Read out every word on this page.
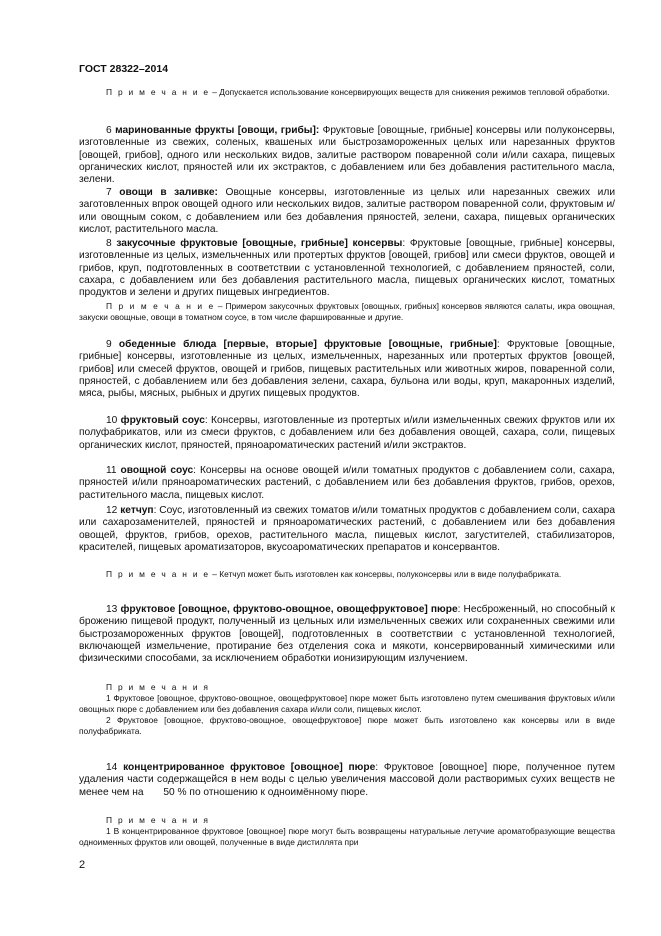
ГОСТ 28322–2014

П р и м е ч а н и е – Допускается использование консервирующих веществ для снижения режимов тепловой обработки.

6 маринованные фрукты [овощи, грибы]: Фруктовые [овощные, грибные] консервы или полуконсервы, изготовленные из свежих, соленых, квашеных или быстрозамороженных целых или нарезанных фруктов [овощей, грибов], одного или нескольких видов, залитые раствором поваренной соли и/или сахара, пищевых органических кислот, пряностей или их экстрактов, с добавлением или без добавления растительного масла, зелени.

7 овощи в заливке: Овощные консервы, изготовленные из целых или нарезанных свежих или заготовленных впрок овощей одного или нескольких видов, залитые раствором поваренной соли, фруктовым и/или овощным соком, с добавлением или без добавления пряностей, зелени, сахара, пищевых органических кислот, растительного масла.

8 закусочные фруктовые [овощные, грибные] консервы: Фруктовые [овощные, грибные] консервы, изготовленные из целых, измельченных или протертых фруктов [овощей, грибов] или смеси фруктов, овощей и грибов, круп, подготовленных в соответствии с установленной технологией, с добавлением пряностей, соли, сахара, с добавлением или без добавления растительного масла, пищевых органических кислот, томатных продуктов и зелени и других пищевых ингредиентов.

П р и м е ч а н и е – Примером закусочных фруктовых [овощных, грибных] консервов являются салаты, икра овощная, закуски овощные, овощи в томатном соусе, в том числе фаршированные и другие.

9 обеденные блюда [первые, вторые] фруктовые [овощные, грибные]: Фруктовые [овощные, грибные] консервы, изготовленные из целых, измельченных, нарезанных или протертых фруктов [овощей, грибов] или смесей фруктов, овощей и грибов, пищевых растительных или животных жиров, поваренной соли, пряностей, с добавлением или без добавления зелени, сахара, бульона или воды, круп, макаронных изделий, мяса, рыбы, мясных, рыбных и других пищевых продуктов.

10 фруктовый соус: Консервы, изготовленные из протертых и/или измельченных свежих фруктов или их полуфабрикатов, или из смеси фруктов, с добавлением или без добавления овощей, сахара, соли, пищевых органических кислот, пряностей, пряноароматических растений и/или экстрактов.

11 овощной соус: Консервы на основе овощей и/или томатных продуктов с добавлением соли, сахара, пряностей и/или пряноароматических растений, с добавлением или без добавления фруктов, грибов, орехов, растительного масла, пищевых кислот.

12 кетчуп: Соус, изготовленный из свежих томатов и/или томатных продуктов с добавлением соли, сахара или сахарозаменителей, пряностей и пряноароматических растений, с добавлением или без добавления овощей, фруктов, грибов, орехов, растительного масла, пищевых кислот, загустителей, стабилизаторов, красителей, пищевых ароматизаторов, вкусоароматических препаратов и консервантов.

П р и м е ч а н и е – Кетчуп может быть изготовлен как консервы, полуконсервы или в виде полуфабриката.

13 фруктовое [овощное, фруктово-овощное, овощефруктовое] пюре: Несброженный, но способный к брожению пищевой продукт, полученный из цельных или измельченных свежих или сохраненных свежими или быстрозамороженных фруктов [овощей], подготовленных в соответствии с установленной технологией, включающей измельчение, протирание без отделения сока и мякоти, консервированный химическими или физическими способами, за исключением обработки ионизирующим излучением.

П р и м е ч а н и я

1 Фруктовое [овощное, фруктово-овощное, овощефруктовое] пюре может быть изготовлено путем смешивания фруктовых и/или овощных пюре с добавлением или без добавления сахара и/или соли, пищевых кислот.

2 Фруктовое [овощное, фруктово-овощное, овощефруктовое] пюре может быть изготовлено как консервы или в виде полуфабриката.

14 концентрированное фруктовое [овощное] пюре: Фруктовое [овощное] пюре, полученное путем удаления части содержащейся в нем воды с целью увеличения массовой доли растворимых сухих веществ не менее чем на       50 % по отношению к одноимённому пюре.

П р и м е ч а н и я

1 В концентрированное фруктовое [овощное] пюре могут быть возвращены натуральные летучие ароматобразующие вещества одноименных фруктов или овощей, полученные в виде дистиллята при

2
